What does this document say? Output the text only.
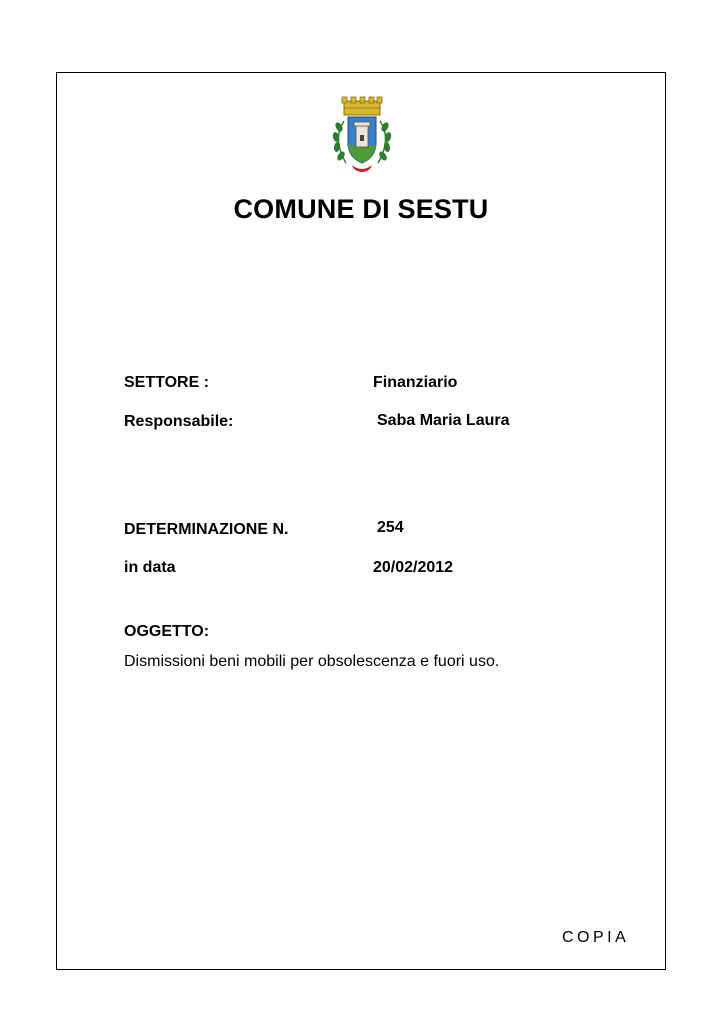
COMUNE DI SESTU
SETTORE :	Finanziario
Responsabile:	Saba Maria Laura
DETERMINAZIONE N.	254
in data	20/02/2012
OGGETTO:
Dismissioni beni mobili per obsolescenza e fuori uso.
COPIA
